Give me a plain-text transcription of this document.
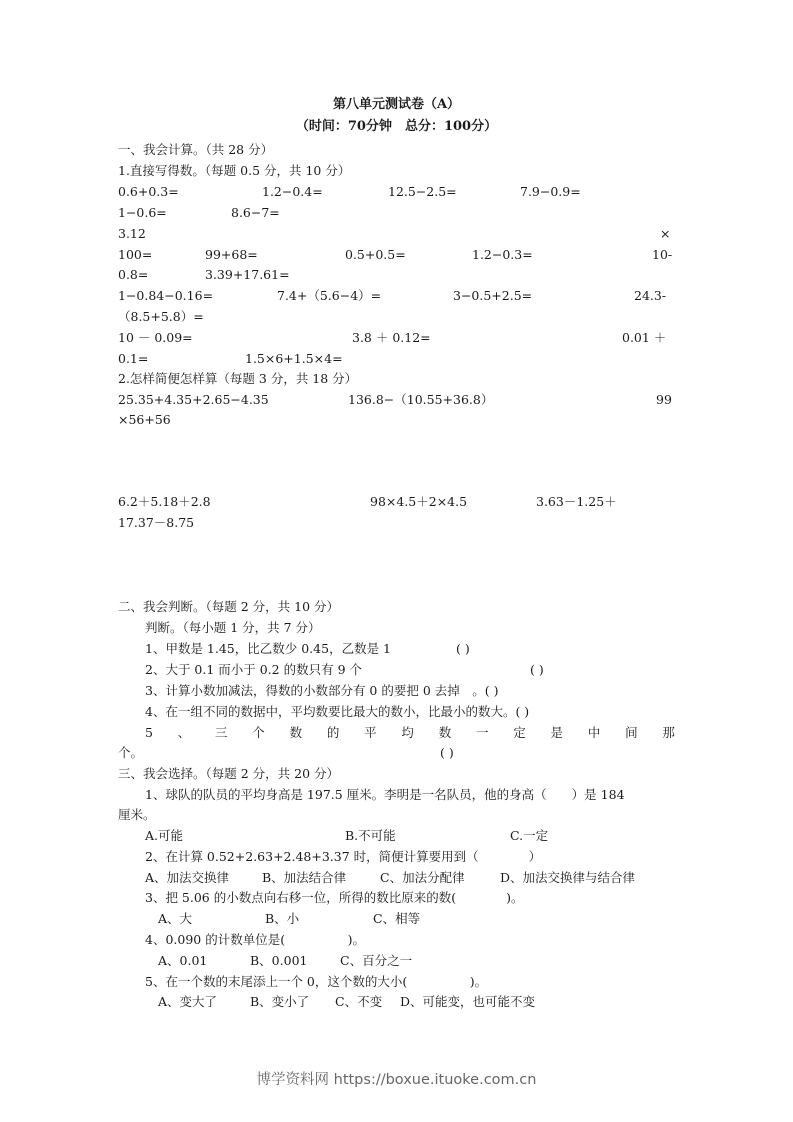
第八单元测试卷（A）
（时间：70分钟　总分：100分）
一、我会计算。（共 28 分）
1.直接写得数。（每题 0.5 分，共 10 分）
0.6+0.3=	1.2−0.4=	12.5−2.5=	7.9−0.9=
1−0.6=	8.6−7=
3.12	×
100=	99+68=	0.5+0.5=	1.2−0.3=	10-
0.8=	3.39+17.61=
1−0.84−0.16=	7.4+（5.6−4）=	3−0.5+2.5=	24.3-
（8.5+5.8）=
10 － 0.09=	3.8 ＋ 0.12=	0.01 ＋
0.1=	1.5×6+1.5×4=
2.怎样简便怎样算（每题 3 分，共 18 分）
25.35+4.35+2.65−4.35	136.8−（10.55+36.8）	99
×56+56
6.2＋5.18＋2.8	98×4.5＋2×4.5	3.63－1.25＋
17.37－8.75
二、我会判断。（每题 2 分，共 10 分）
判断。（每小题 1 分，共 7 分）
1、甲数是 1.45，比乙数少 0.45，乙数是 1	( )
2、大于 0.1 而小于 0.2 的数只有 9 个	( )
3、计算小数加减法，得数的小数部分有 0 的要把 0 去掉　。( )
4、在一组不同的数据中，平均数要比最大的数小，比最小的数大。( )
5 、 三 个 数 的 平 均 数 一 定 是 中 间 那
个。	( )
三、我会选择。（每题 2 分，共 20 分）
1、球队的队员的平均身高是 197.5 厘米。李明是一名队员，他的身高（　　）是 184
厘米。
A.可能	B.不可能	C.一定
2、在计算 0.52+2.63+2.48+3.37 时，简便计算要用到（　　　　）
A、加法交换律	B、加法结合律	C、加法分配律	D、加法交换律与结合律
3、把 5.06 的小数点向右移一位，所得的数比原来的数(　　　　)。
A、大	B、小	C、相等
4、0.090 的计数单位是(　　　　　)。
A、0.01	B、0.001	C、百分之一
5、在一个数的末尾添上一个 0，这个数的大小(　　　　　)。
A、变大了	B、变小了 C、不变 D、可能变，也可能不变
博学资料网 https://boxue.ituoke.com.cn
